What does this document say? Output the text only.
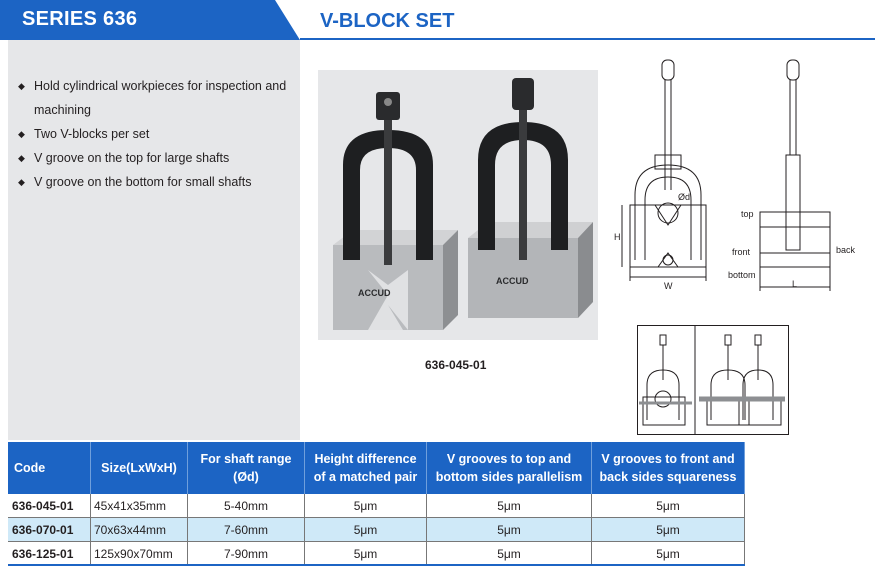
SERIES 636	V-BLOCK SET
◆ Hold cylindrical workpieces for inspection and machining
◆ Two V-blocks per set
◆ V groove on the top for large shafts
◆ V groove on the bottom for small shafts
ACCUD
ACCUD
636-045-01
Ød
H
W
top
front	back
bottom
L
Code	Size(LxWxH)	For shaft range (Ød)	Height difference of a matched pair	V grooves to top and bottom sides parallelism	V grooves to front and back sides squareness
636-045-01	45x41x35mm	5-40mm	5μm	5μm	5μm
636-070-01	70x63x44mm	7-60mm	5μm	5μm	5μm
636-125-01	125x90x70mm	7-90mm	5μm	5μm	5μm
